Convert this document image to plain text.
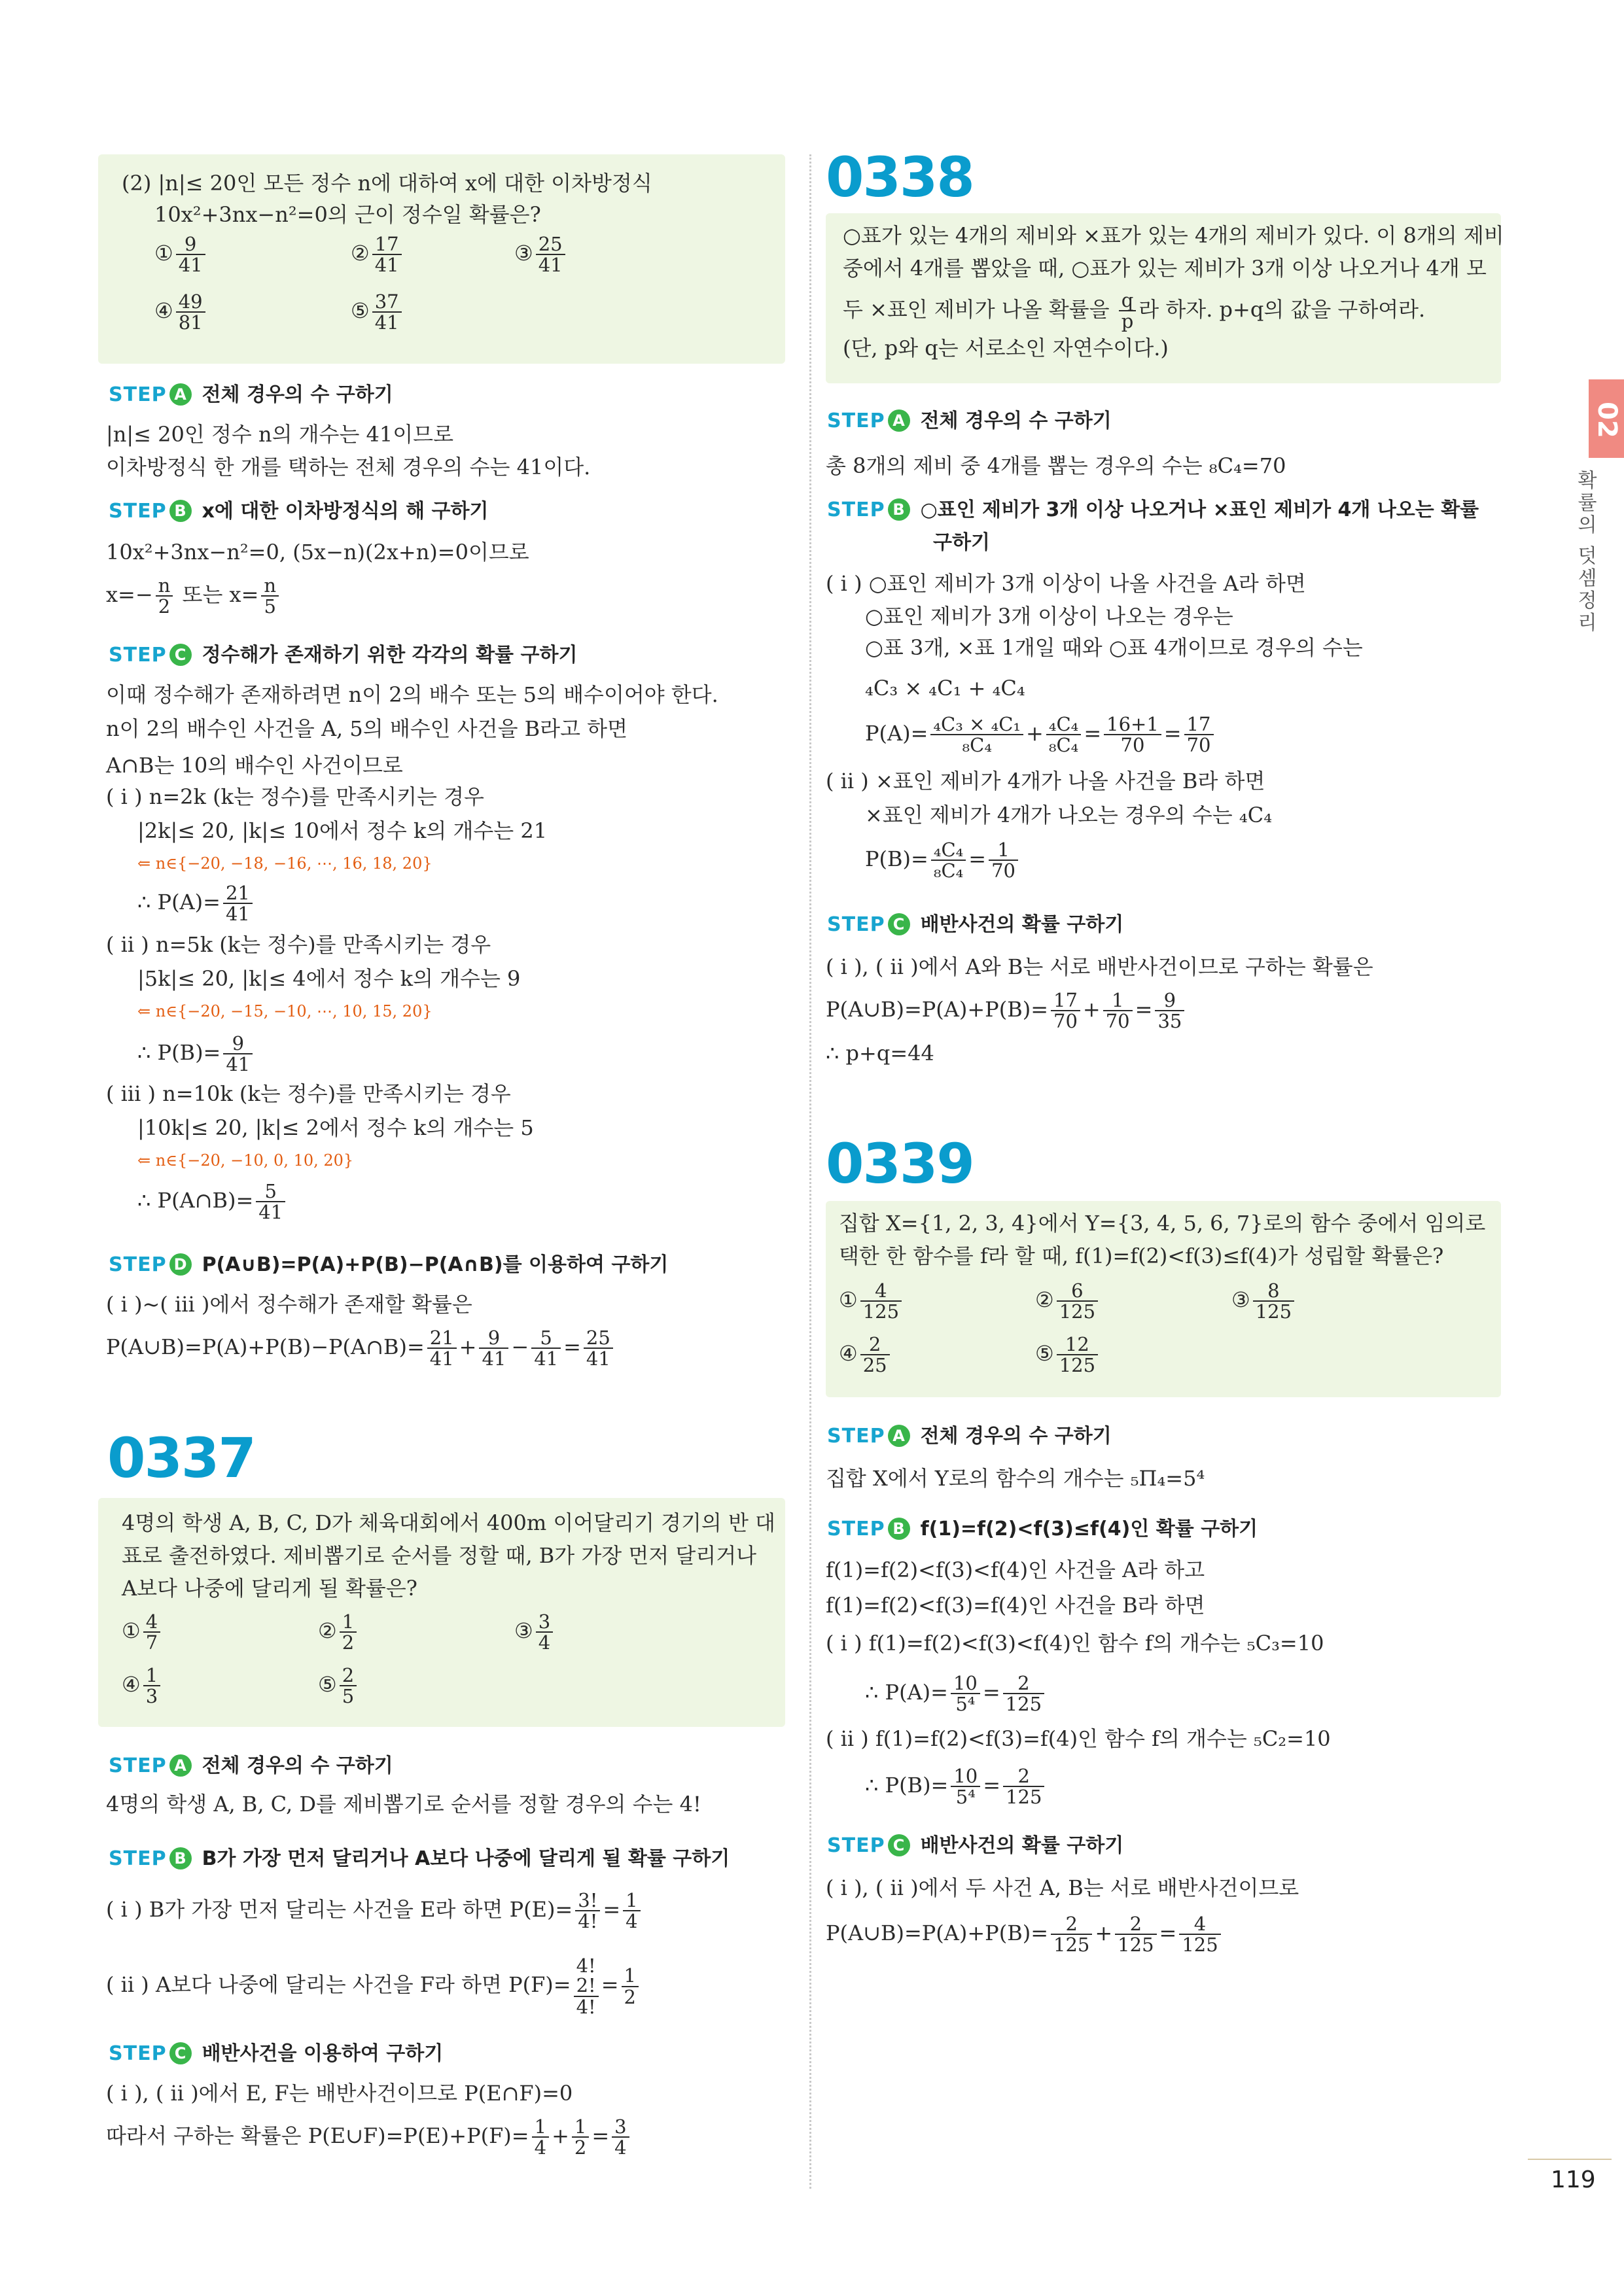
(2) |n|≤ 20인 모든 정수 n에 대하여 x에 대한 이차방정식
10x²+3nx−n²=0의 근이 정수일 확률은?
① $\frac{9}{41}$	② $\frac{17}{41}$	③ $\frac{25}{41}$
④ $\frac{49}{81}$	⑤ $\frac{37}{41}$
STEP A 전체 경우의 수 구하기
|n|≤ 20인 정수 n의 개수는 41이므로
이차방정식 한 개를 택하는 전체 경우의 수는 41이다.
STEP B x에 대한 이차방정식의 해 구하기
10x²+3nx−n²=0, (5x−n)(2x+n)=0이므로
$x=- \frac{n}{2}$ 또는 $x= \frac{n}{5}$
STEP C 정수해가 존재하기 위한 각각의 확률 구하기
이때 정수해가 존재하려면 n이 2의 배수 또는 5의 배수이어야 한다.
n이 2의 배수인 사건을 A, 5의 배수인 사건을 B라고 하면
A∩B는 10의 배수인 사건이므로
( i ) n=2k (k는 정수)를 만족시키는 경우
|2k|≤ 20, |k|≤ 10에서 정수 k의 개수는 21
⇐ n∈{−20, −18, −16, ⋯, 16, 18, 20}
∴ $P(A)= \frac{21}{41}$
( ii ) n=5k (k는 정수)를 만족시키는 경우
|5k|≤ 20, |k|≤ 4에서 정수 k의 개수는 9
⇐ n∈{−20, −15, −10, ⋯, 10, 15, 20}
∴ $P(B)= \frac{9}{41}$
( iii ) n=10k (k는 정수)를 만족시키는 경우
|10k|≤ 20, |k|≤ 2에서 정수 k의 개수는 5
⇐ n∈{−20, −10, 0, 10, 20}
∴ P(A∩B)= $\frac{5}{41}$
STEP D P(A∪B)=P(A)+P(B)−P(A∩B)를 이용하여 구하기
( i )~( iii )에서 정수해가 존재할 확률은
P(A∪B)=P(A)+P(B)−P(A∩B)= $\frac{21}{41} + \frac{9}{41} - \frac{5}{41} = \frac{25}{41}$
0337
4명의 학생 A, B, C, D가 체육대회에서 400m 이어달리기 경기의 반 대
표로 출전하였다. 제비뽑기로 순서를 정할 때, B가 가장 먼저 달리거나
A보다 나중에 달리게 될 확률은?
① $\frac{4}{7}$	② $\frac{1}{2}$	③ $\frac{3}{4}$
④ $\frac{1}{3}$	⑤ $\frac{2}{5}$
STEP A 전체 경우의 수 구하기
4명의 학생 A, B, C, D를 제비뽑기로 순서를 정할 경우의 수는 4!
STEP B B가 가장 먼저 달리거나 A보다 나중에 달리게 될 확률 구하기
( i ) B가 가장 먼저 달리는 사건을 E라 하면 $P(E)= \frac{3!}{4!} = \frac{1}{4}$
( ii ) A보다 나중에 달리는 사건을 F라 하면 P(F)=
4!
2!
4!
= $\frac{1}{2}$
STEP C 배반사건을 이용하여 구하기
( i ), ( ii )에서 E, F는 배반사건이므로 P(E∩F)=0
따라서 구하는 확률은 P(E∪F)=P(E)+P(F)= $\frac{1}{4} + \frac{1}{2} = \frac{3}{4}$
0338
○표가 있는 4개의 제비와 ×표가 있는 4개의 제비가 있다. 이 8개의 제비
중에서 4개를 뽑았을 때, ○표가 있는 제비가 3개 이상 나오거나 4개 모
두 ×표인 제비가 나올 확률을 $\frac{q}{p}$ 라 하자. p+q의 값을 구하여라.
(단, p와 q는 서로소인 자연수이다.)
STEP A 전체 경우의 수 구하기
총 8개의 제비 중 4개를 뽑는 경우의 수는 ₈C₄=70
STEP B ○표인 제비가 3개 이상 나오거나 ×표인 제비가 4개 나오는 확률
구하기
( i ) ○표인 제비가 3개 이상이 나올 사건을 A라 하면
○표인 제비가 3개 이상이 나오는 경우는
○표 3개, ×표 1개일 때와 ○표 4개이므로 경우의 수는
₄C₃ × ₄C₁ + ₄C₄
$P(A)= \frac{\text{₄C₃ × ₄C₁}}{\text{₈C₄}} + \frac{\text{₄C₄}}{\text{₈C₄}} = \frac{16+1}{70} = \frac{17}{70}$
( ii ) ×표인 제비가 4개가 나올 사건을 B라 하면
×표인 제비가 4개가 나오는 경우의 수는 ₄C₄
$P(B)= \frac{\text{₄C₄}}{\text{₈C₄}} = \frac{1}{70}$
STEP C 배반사건의 확률 구하기
( i ), ( ii )에서 A와 B는 서로 배반사건이므로 구하는 확률은
P(A∪B)=P(A)+P(B)= $\frac{17}{70} + \frac{1}{70} = \frac{9}{35}$
∴ p+q=44
0339
집합 X={1, 2, 3, 4}에서 Y={3, 4, 5, 6, 7}로의 함수 중에서 임의로
택한 한 함수를 f라 할 때, f(1)=f(2)<f(3)≤f(4)가 성립할 확률은?
① $\frac{4}{125}$	② $\frac{6}{125}$	③ $\frac{8}{125}$
④ $\frac{2}{25}$	⑤ $\frac{12}{125}$
STEP A 전체 경우의 수 구하기
집합 X에서 Y로의 함수의 개수는 ₅Π₄=5⁴
STEP B f(1)=f(2)<f(3)≤f(4)인 확률 구하기
f(1)=f(2)<f(3)<f(4)인 사건을 A라 하고
f(1)=f(2)<f(3)=f(4)인 사건을 B라 하면
( i ) f(1)=f(2)<f(3)<f(4)인 함수 f의 개수는 ₅C₃=10
∴ $P(A)= \frac{10}{\text{5⁴}} = \frac{2}{125}$
( ii ) f(1)=f(2)<f(3)=f(4)인 함수 f의 개수는 ₅C₂=10
∴ $P(B)= \frac{10}{\text{5⁴}} = \frac{2}{125}$
STEP C 배반사건의 확률 구하기
( i ), ( ii )에서 두 사건 A, B는 서로 배반사건이므로
P(A∪B)=P(A)+P(B)= $\frac{2}{125} + \frac{2}{125} = \frac{4}{125}$
02
확률의 덧셈정리
119
